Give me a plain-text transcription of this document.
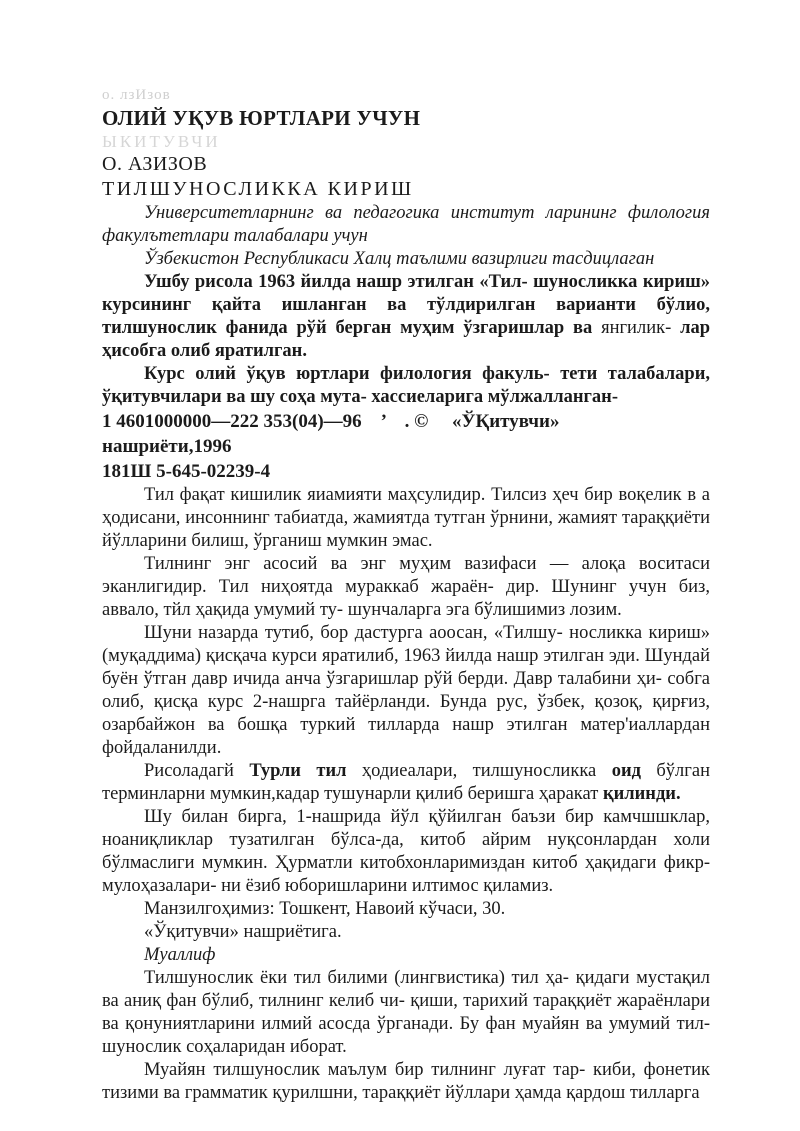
о. лзИзов

ОЛИЙ УҚУВ ЮРТЛАРИ УЧУН

ЫКИТУВЧИ

О. АЗИЗОВ

ТИЛШУНОСЛИККА КИРИШ

Университетларнинг ва педагогика институт ларининг филология факулътетлари талабалари учун

Ўзбекистон Республикаси Халц таълими вазирлиги тасдицлаган

Ушбу рисола 1963 йилда нашр этилган «Тил- шуносликка кириш» курсининг қайта ишланган ва тўлдирилган варианти бўлио, тилшунослик фанида рўй берган муҳим ўзгаришлар ва янгилик- лар ҳисобга олиб яратилган.

Курс олий ўқув юртлари филология факуль- тети талабалари, ўқитувчилари ва шу соҳа мута- хассиеларига мўлжалланган-

1 4601000000—222 353(04)—96    ’    . ©     «ЎҚитувчи»

нашриёти,1996

181Ш 5-645-02239-4

Тил фақат кишилик яиамияти маҳсулидир. Тилсиз ҳеч бир воқелик в а ҳодисани, инсоннинг табиатда, жамиятда тутган ўрнини, жамият тараққиёти йўлларини билиш, ўрганиш мумкин эмас.

Тилнинг энг асосий ва энг муҳим вазифаси — алоқа воситаси эканлигидир. Тил ниҳоятда мураккаб жараён- дир. Шунинг учун биз, аввало, тйл ҳақида умумий ту- шунчаларга эга бўлишимиз лозим.

Шуни назарда тутиб, бор дастурга аоосан, «Тилшу- носликка кириш» (муқаддима) қисқача курси яратилиб, 1963 йилда нашр этилган эди. Шундай буён ўтган давр ичида анча ўзгаришлар рўй берди. Давр талабини ҳи- собга олиб, қисқа курс 2-нашрга тайёрланди. Бунда рус, ўзбек, қозоқ, қирғиз, озарбайжон ва бошқа туркий тилларда нашр этилган матер'иаллардан фойдаланилди.

Рисоладагй Турли тил ҳодиеалари, тилшуносликка оид бўлган терминларни мумкин,кадар тушунарли қилиб беришга ҳаракат қилинди.

Шу билан бирга, 1-нашрида йўл қўйилган баъзи бир камчшшклар, ноаниқликлар тузатилган бўлса-да, китоб айрим нуқсонлардан холи бўлмаслиги мумкин. Ҳурматли китобхонларимиздан китоб ҳақидаги фикр- мулоҳазалари- ни ёзиб юборишларини илтимос қиламиз.

Манзилгоҳимиз: Тошкент, Навоий кўчаси, 30.

«Ўқитувчи» нашриётига.

Муаллиф

Тилшунослик ёки тил билими (лингвистика) тил ҳа- қидаги мустақил ва аниқ фан бўлиб, тилнинг келиб чи- қиши, тарихий тараққиёт жараёнлари ва қонуниятларини илмий асосда ўрганади. Бу фан муайян ва умумий тил- шунослик соҳаларидан иборат.

Муайян тилшунослик маълум бир тилнинг луғат тар- киби, фонетик тизими ва грамматик қурилшни, тараққиёт йўллари ҳамда қардош тилларга
